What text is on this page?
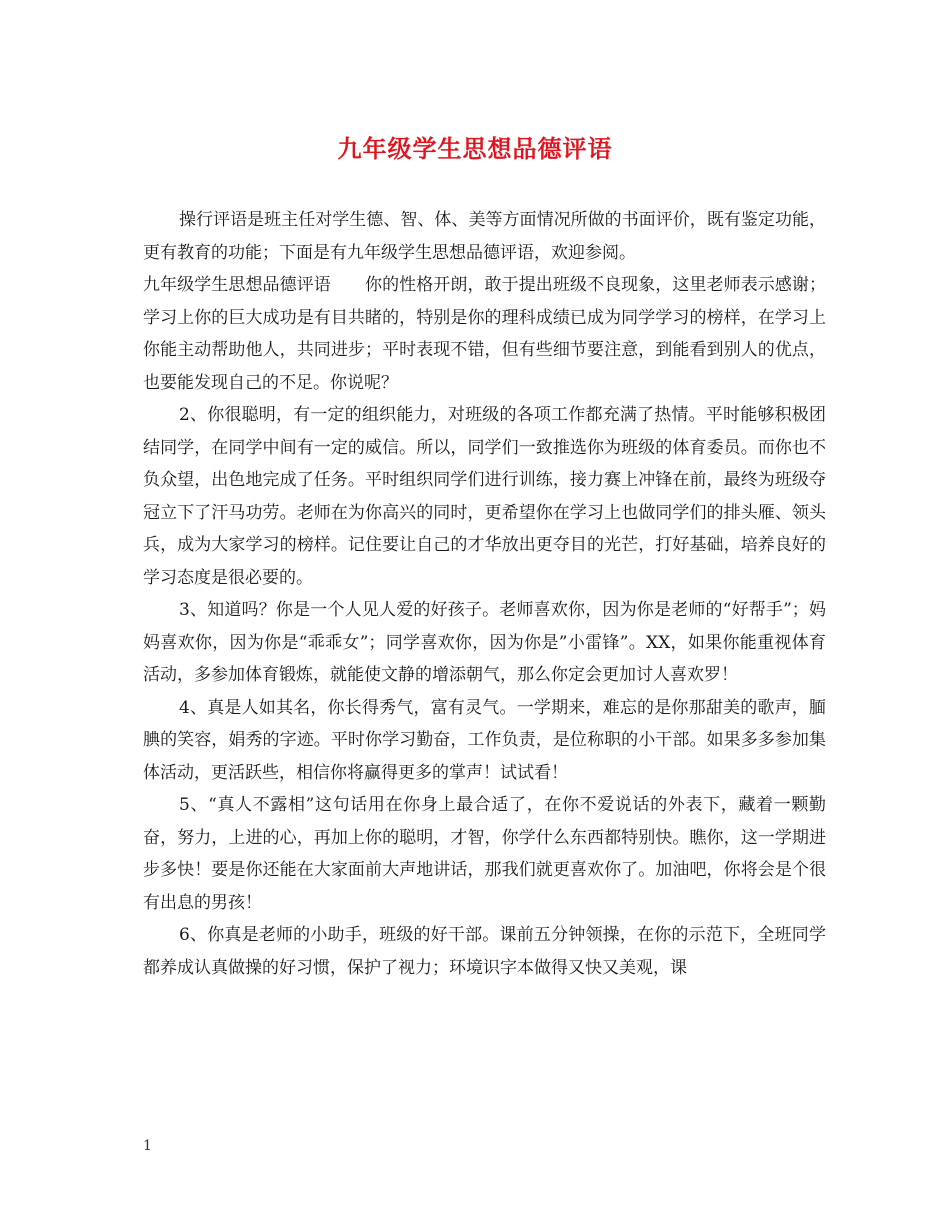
九年级学生思想品德评语

操行评语是班主任对学生德、智、体、美等方面情况所做的书面评价，既有鉴定功能，更有教育的功能；下面是有九年级学生思想品德评语，欢迎参阅。

九年级学生思想品德评语　　你的性格开朗，敢于提出班级不良现象，这里老师表示感谢；学习上你的巨大成功是有目共睹的，特别是你的理科成绩已成为同学学习的榜样，在学习上你能主动帮助他人，共同进步；平时表现不错，但有些细节要注意，到能看到别人的优点，也要能发现自己的不足。你说呢？

2、你很聪明，有一定的组织能力，对班级的各项工作都充满了热情。平时能够积极团结同学，在同学中间有一定的威信。所以，同学们一致推选你为班级的体育委员。而你也不负众望，出色地完成了任务。平时组织同学们进行训练，接力赛上冲锋在前，最终为班级夺冠立下了汗马功劳。老师在为你高兴的同时，更希望你在学习上也做同学们的排头雁、领头兵，成为大家学习的榜样。记住要让自己的才华放出更夺目的光芒，打好基础，培养良好的学习态度是很必要的。

3、知道吗？你是一个人见人爱的好孩子。老师喜欢你，因为你是老师的“好帮手”；妈妈喜欢你，因为你是“乖乖女”；同学喜欢你，因为你是”小雷锋”。XX，如果你能重视体育活动，多参加体育锻炼，就能使文静的增添朝气，那么你定会更加讨人喜欢罗！

4、真是人如其名，你长得秀气，富有灵气。一学期来，难忘的是你那甜美的歌声，腼腆的笑容，娟秀的字迹。平时你学习勤奋，工作负责，是位称职的小干部。如果多多参加集体活动，更活跃些，相信你将赢得更多的掌声！试试看！

5、“真人不露相”这句话用在你身上最合适了，在你不爱说话的外表下，藏着一颗勤奋，努力，上进的心，再加上你的聪明，才智，你学什么东西都特别快。瞧你，这一学期进步多快！要是你还能在大家面前大声地讲话，那我们就更喜欢你了。加油吧，你将会是个很有出息的男孩！

6、你真是老师的小助手，班级的好干部。课前五分钟领操，在你的示范下，全班同学都养成认真做操的好习惯，保护了视力；环境识字本做得又快又美观，课

1
